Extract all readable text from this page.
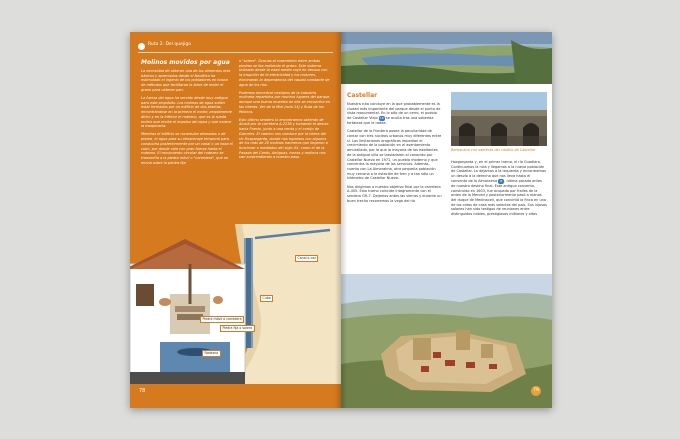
Ruta 2. Del quejigo
Molinos movidos por agua

La necesidad de obtener una de los alimentos más básicos y apreciados desde el Neolítico ha estimulado el ingenio de los pobladores en busca de métodos que facilitaran la labor de moler el grano para obtener pan.

La fuerza del agua ha servido desde muy antiguo para este propósito. Los molinos de agua solían estar formados por un edificio de dos plantas, encontrándose en la primera el motor, propiamente dicho y en la inferior el rodezno, que es la rueda motriz que recibe el impulso del agua y que mueve la maquinaria.

Mientras el edificio se construían alineados o de piedra, el agua para su almacenaje temporal para conducirla posteriormente por un canal o un haza el cubo, por donde caía con gran fuerza hasta el rodezno. El movimiento circular del rodezno se transmitía a la piedra móvil o "corredera", que se movía sobre la piedra fija

o "solera". Gracias al rozamiento entre ambas piedras se iba moliendo el grano. Este sistema utilizado desde la edad media cayó en desuso con la irrupción de la electricidad y los motores, eliminando la dependencia del caudal constante de agua de los ríos.

Podemos encontrar vestigios de la industria molinera repartidos por muchos lugares del parque, aunque una buena muestra de ella se encuentra en las riberas. Ver de la Miel (ruta 14) y Ruta de los Molinos.

Esto último sendero lo encontramos saliendo de Alcalá por la carretera A-2236 y tomando el desvío hacia Puerto, junto a una venta y el cortijo de Garceles. El camino nos conduce por la ribera del río Hozgarganta, donde nos topamos con algunos de los más de 20 molinos harineros que llegaron a funcionar a mediados del siglo XX, como el de la Pasada del Cerdo. Antiguas, moras y molinos nos van sorprendiendo a nuestro paso.

Canal o caz
Cubo
Piedra móvil o corredera
Piedra fija o solera
Rodezno
78
Castellar

Nuestra ruta conduye en la que probablemente es la ciudad más importante del parque desde el punto de vista monumental. En lo alto de un cerro, el pueblo de Castellar Viejo 16 se oculta tras una soberbia fortaleza que le rodea.

Castellar de la Frontera posee la peculiaridad de contar con tres núcleos urbanos muy diferentes entre sí. Las limitaciones orográficas impedían el crecimiento de la población en el asentamiento amurallado, por lo que la mayoría de los habitantes de la antigua villa se trasladaron al conocido por Castellar Nuevo en 1971, un pueblo moderno y que concentra la mayoría de los servicios. Además, cuenta con La Almoraima, otra pequeña población muy cercana a la estación de tren y a tan sólo un kilómetro de Castellar Nuevo.

Nos dirigimos a nuestro objetivo final por la carretera A-405. Esta tramo coincide íntegramente con el sendero GR-7. Dejamos antes las sierras y durante un buen trecho recorremos la vega del río

Barbacana con saeteras del castillo de Castellar

Hozgarganta y, en el primer tramo, el río Guadiaro. Continuamos la ruta y llegamos a la nueva población de Castellar. La dejamos a la izquierda y encontramos un desvío a la derecha que nos lleva hasta el convento de la Almoraima 8 , última parada antes de nuestro destino final. Este antiguo convento, construido en 1603, fue ocupado por frailes de la orden de la Merced y posteriormente pasó a manos del duque de Medinaceli, que convirtió la finca en uno de los cotos de caza más selectos del país. Sus lujosos salones han sido testigos de reuniones entre distinguidos nobles, prestigiosos militares y altos

79
